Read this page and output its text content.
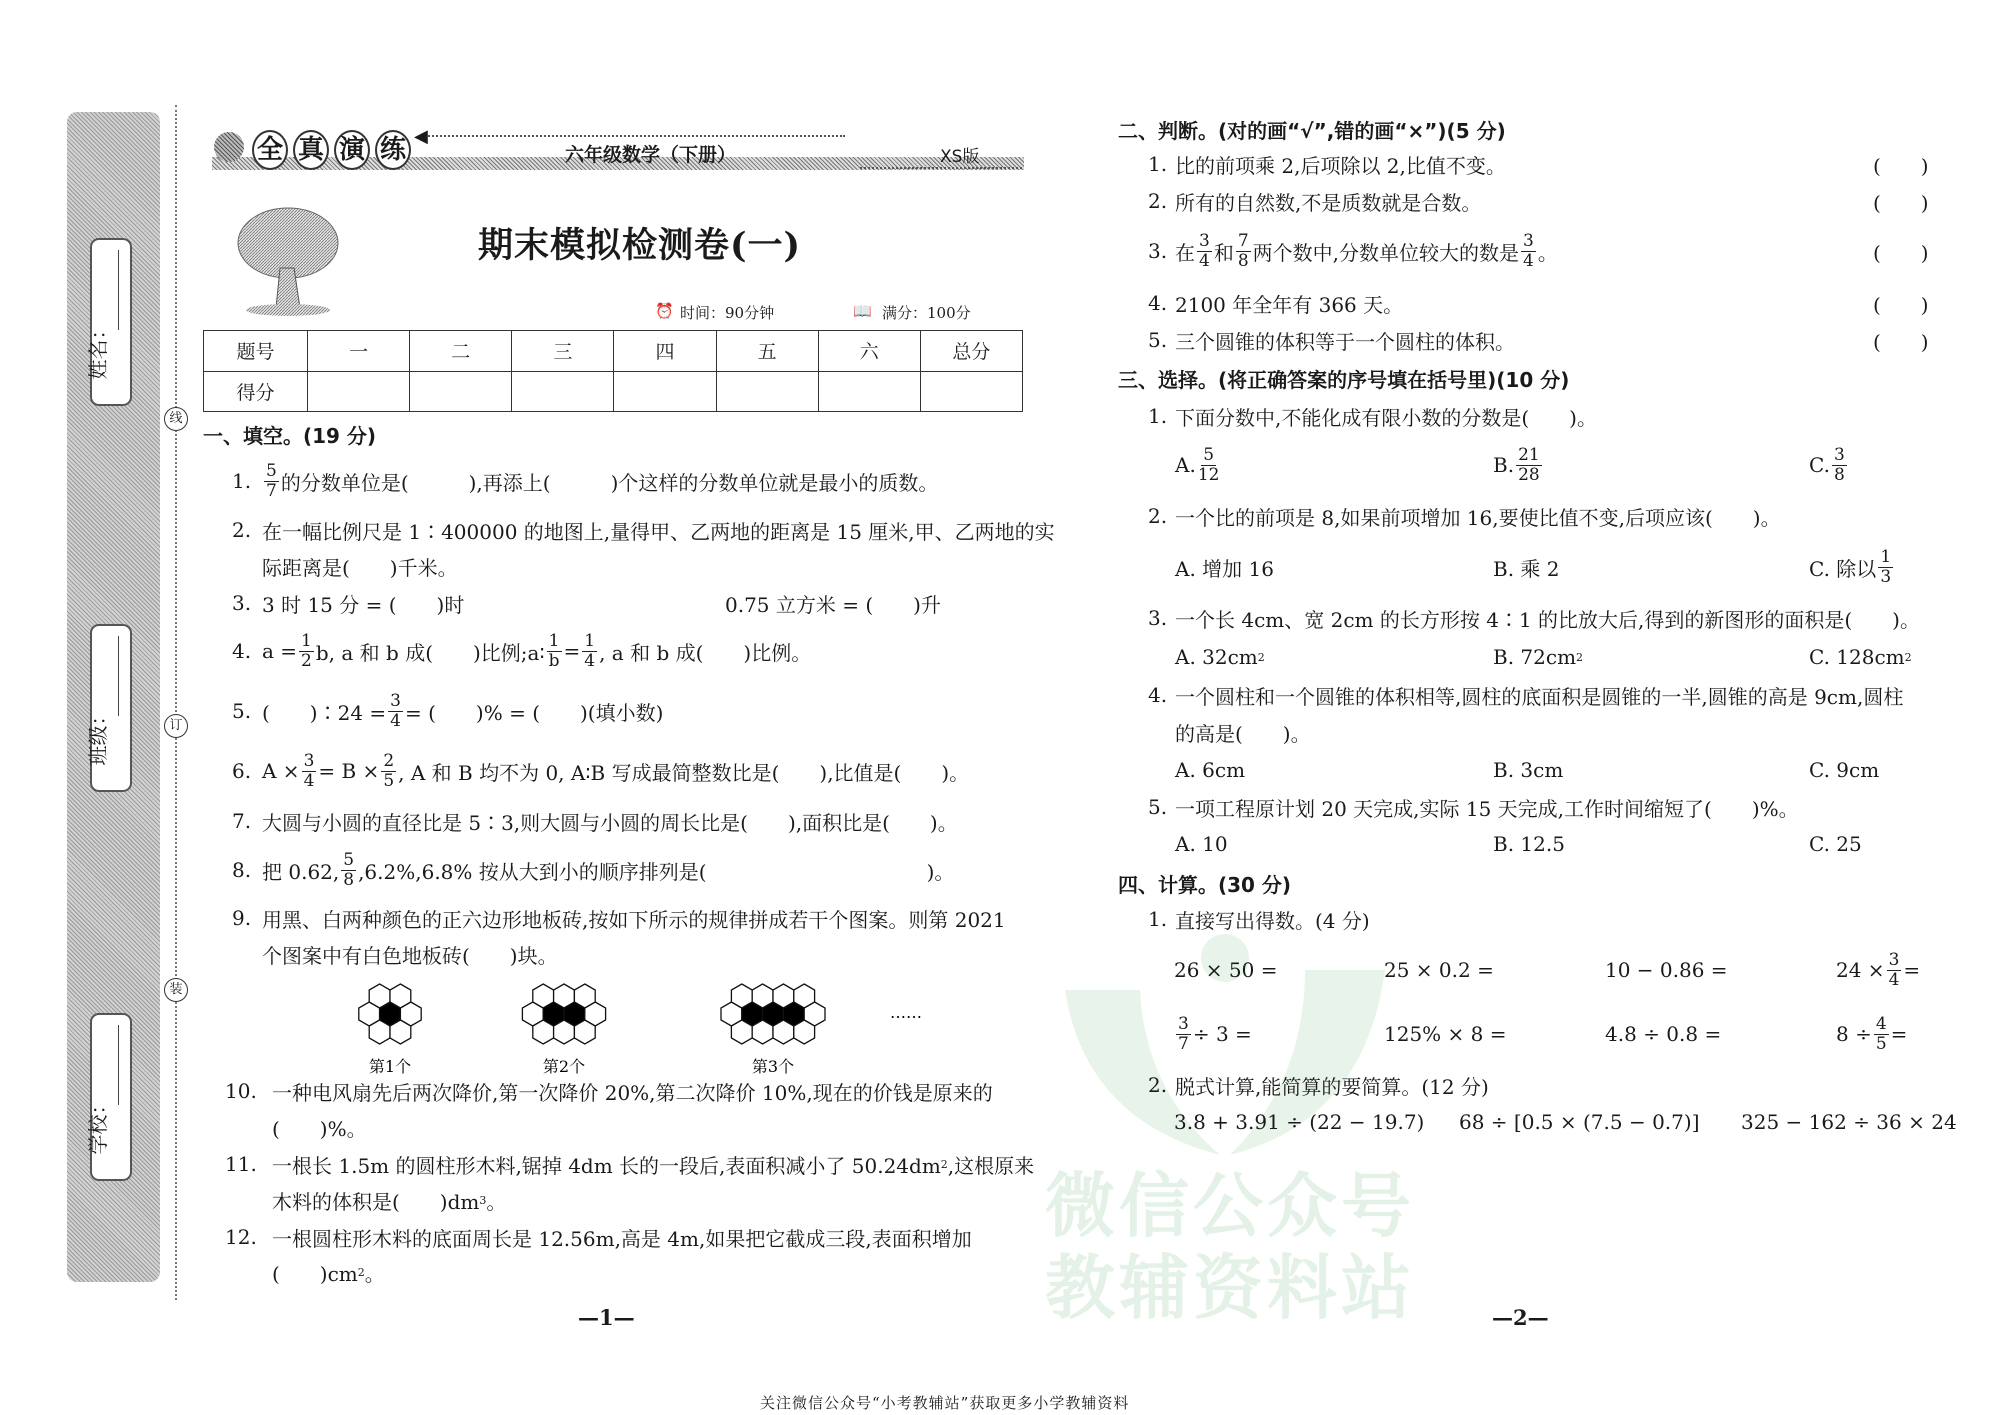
微信公众号
教辅资料站
姓名：
班级：
学校：
线
订
装
◀
全 真 演 练	六年级数学（下册）	XS版
期末模拟检测卷(一)
⏰ 时间：90分钟	📖 满分：100分
题号	一	二	三	四	五	六	总分
得分							
一、填空。(19 分)
1. $\frac{5}{7}$ 的分数单位是(　　　),再添上(　　　)个这样的分数单位就是最小的质数。
2. 在一幅比例尺是 1∶400000 的地图上,量得甲、乙两地的距离是 15 厘米,甲、乙两地的实
际距离是(　　)千米。
3. 3 时 15 分 = (　　)时	0.75 立方米 = (　　)升
4. $a = \frac{1}{2} b$, a 和 b 成(　　)比例;a∶ $\frac{1}{b} = \frac{1}{4}$ , a 和 b 成(　　)比例。
5. (　　)∶24 = $\frac{3}{4}$ = (　　)% = (　　)(填小数)
6. $A \times \frac{3}{4} = B \times \frac{2}{5}$ , A 和 B 均不为 0, A∶B 写成最简整数比是(　　),比值是(　　)。
7. 大圆与小圆的直径比是 5∶3,则大圆与小圆的周长比是(　　),面积比是(　　)。
8. 把 0.62, $\frac{5}{8} ,6.2\%,6.8\%$ 按从大到小的顺序排列是(　　　　　　　　　　　)。
9. 用黑、白两种颜色的正六边形地板砖,按如下所示的规律拼成若干个图案。则第 2021
个图案中有白色地板砖(　　)块。
10. 一种电风扇先后两次降价,第一次降价 20%,第二次降价 10%,现在的价钱是原来的
(　　)%。
11. 一根长 1.5m 的圆柱形木料,锯掉 4dm 长的一段后,表面积减小了 50.24dm 2 ,这根原来
木料的体积是(　　)dm 3 。
12. 一根圆柱形木料的底面周长是 12.56m,高是 4m,如果把它截成三段,表面积增加
(　　)cm 2 。
第1个	第2个	第3个
……
二、判断。(对的画“√”,错的画“×”)(5 分)
三、选择。(将正确答案的序号填在括号里)(10 分)
四、计算。(30 分)
1. 比的前项乘 2,后项除以 2,比值不变。	(　　)
2. 所有的自然数,不是质数就是合数。	(　　)
3. 在 $\frac{3}{4}$ 和 $\frac{7}{8}$ 两个数中,分数单位较大的数是 $\frac{3}{4}$ 。	(　　)
4. 2100 年全年有 366 天。	(　　)
5. 三个圆锥的体积等于一个圆柱的体积。	(　　)
1. 下面分数中,不能化成有限小数的分数是(　　)。
A. $\frac{5}{12}$	B. $\frac{21}{28}$	C. $\frac{3}{8}$
2. 一个比的前项是 8,如果前项增加 16,要使比值不变,后项应该(　　)。
A. 增加 16	B. 乘 2	C. 除以 $\frac{1}{3}$
3. 一个长 4cm、宽 2cm 的长方形按 4∶1 的比放大后,得到的新图形的面积是(　　)。
A. 32cm 2	B. 72cm 2	C. 128cm 2
4. 一个圆柱和一个圆锥的体积相等,圆柱的底面积是圆锥的一半,圆锥的高是 9cm,圆柱
的高是(　　)。
A. 6cm	B. 3cm	C. 9cm
5. 一项工程原计划 20 天完成,实际 15 天完成,工作时间缩短了(　　)%。
A. 10	B. 12.5	C. 25
1. 直接写出得数。(4 分)
26 × 50 =	25 × 0.2 =	10 − 0.86 =	$24 \times \frac{3}{4}$ =
$\frac{3}{7} \div 3$ =	125% × 8 =	4.8 ÷ 0.8 =	$8 \div \frac{4}{5}$ =
2. 脱式计算,能简算的要简算。(12 分)
3.8 + 3.91 ÷ (22 − 19.7) 68 ÷ [0.5 × (7.5 − 0.7)] 325 − 162 ÷ 36 × 24
—1—	—2—
关注微信公众号“小考教辅站”获取更多小学教辅资料
